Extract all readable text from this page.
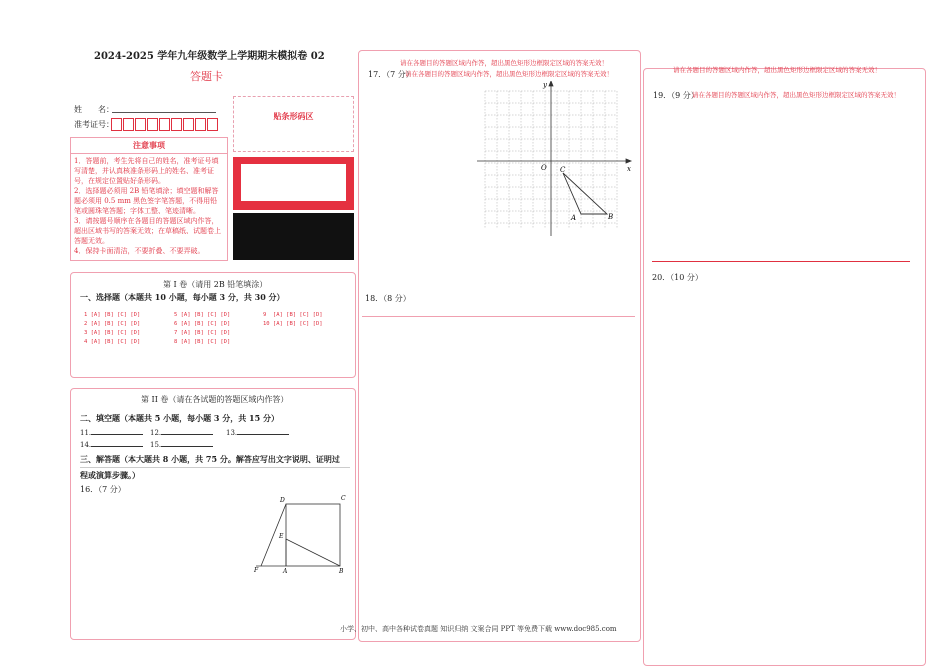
2024-2025 学年九年级数学上学期期末模拟卷 02
答题卡
姓　　名：
准考证号：
贴条形码区
注意事项
1．答题前，考生先将自己的姓名，准考证号填写清楚，并认真核准条形码上的姓名、准考证号，在规定位置贴好条形码。
2．选择题必须用 2B 铅笔填涂；填空题和解答题必须用 0.5 mm 黑色签字笔答题，不得用铅笔或圆珠笔答题；字体工整、笔迹清晰。
3．请按题号顺序在各题目的答题区域内作答，超出区域书写的答案无效；在草稿纸、试题卷上答题无效。
4．保持卡面清洁，不要折叠、不要弄破。
第 I 卷（请用 2B 铅笔填涂）
一、选择题（本题共 10 小题，每小题 3 分，共 30 分）
1 [A] [B] [C] [D]
2 [A] [B] [C] [D]
3 [A] [B] [C] [D]
4 [A] [B] [C] [D]
5 [A] [B] [C] [D]
6 [A] [B] [C] [D]
7 [A] [B] [C] [D]
8 [A] [B] [C] [D]
9  [A] [B] [C] [D]
10 [A] [B] [C] [D]
第 II 卷（请在各试题的答题区域内作答）
二、填空题（本题共 5 小题，每小题 3 分，共 15 分）
11.	12.	13.
14.	15.
三、解答题（本大题共 8 小题，共 75 分。解答应写出文字说明、证明过
程或演算步骤。）
16．（7 分）
D	C
E
F	A	B
请在各题目的答题区域内作答，超出黑色矩形边框限定区域的答案无效！
17．（7 分）
请在各题目的答题区域内作答，超出黑色矩形边框限定区域的答案无效！
y
x
O C
A	B
18．（8 分）
请在各题目的答题区域内作答，超出黑色矩形边框限定区域的答案无效！
19．（9 分）
请在各题目的答题区域内作答，超出黑色矩形边框限定区域的答案无效！
20．（10 分）
小学、初中、高中各种试卷真题 知识归纳 文案合同 PPT 等免费下载 www.doc985.com
